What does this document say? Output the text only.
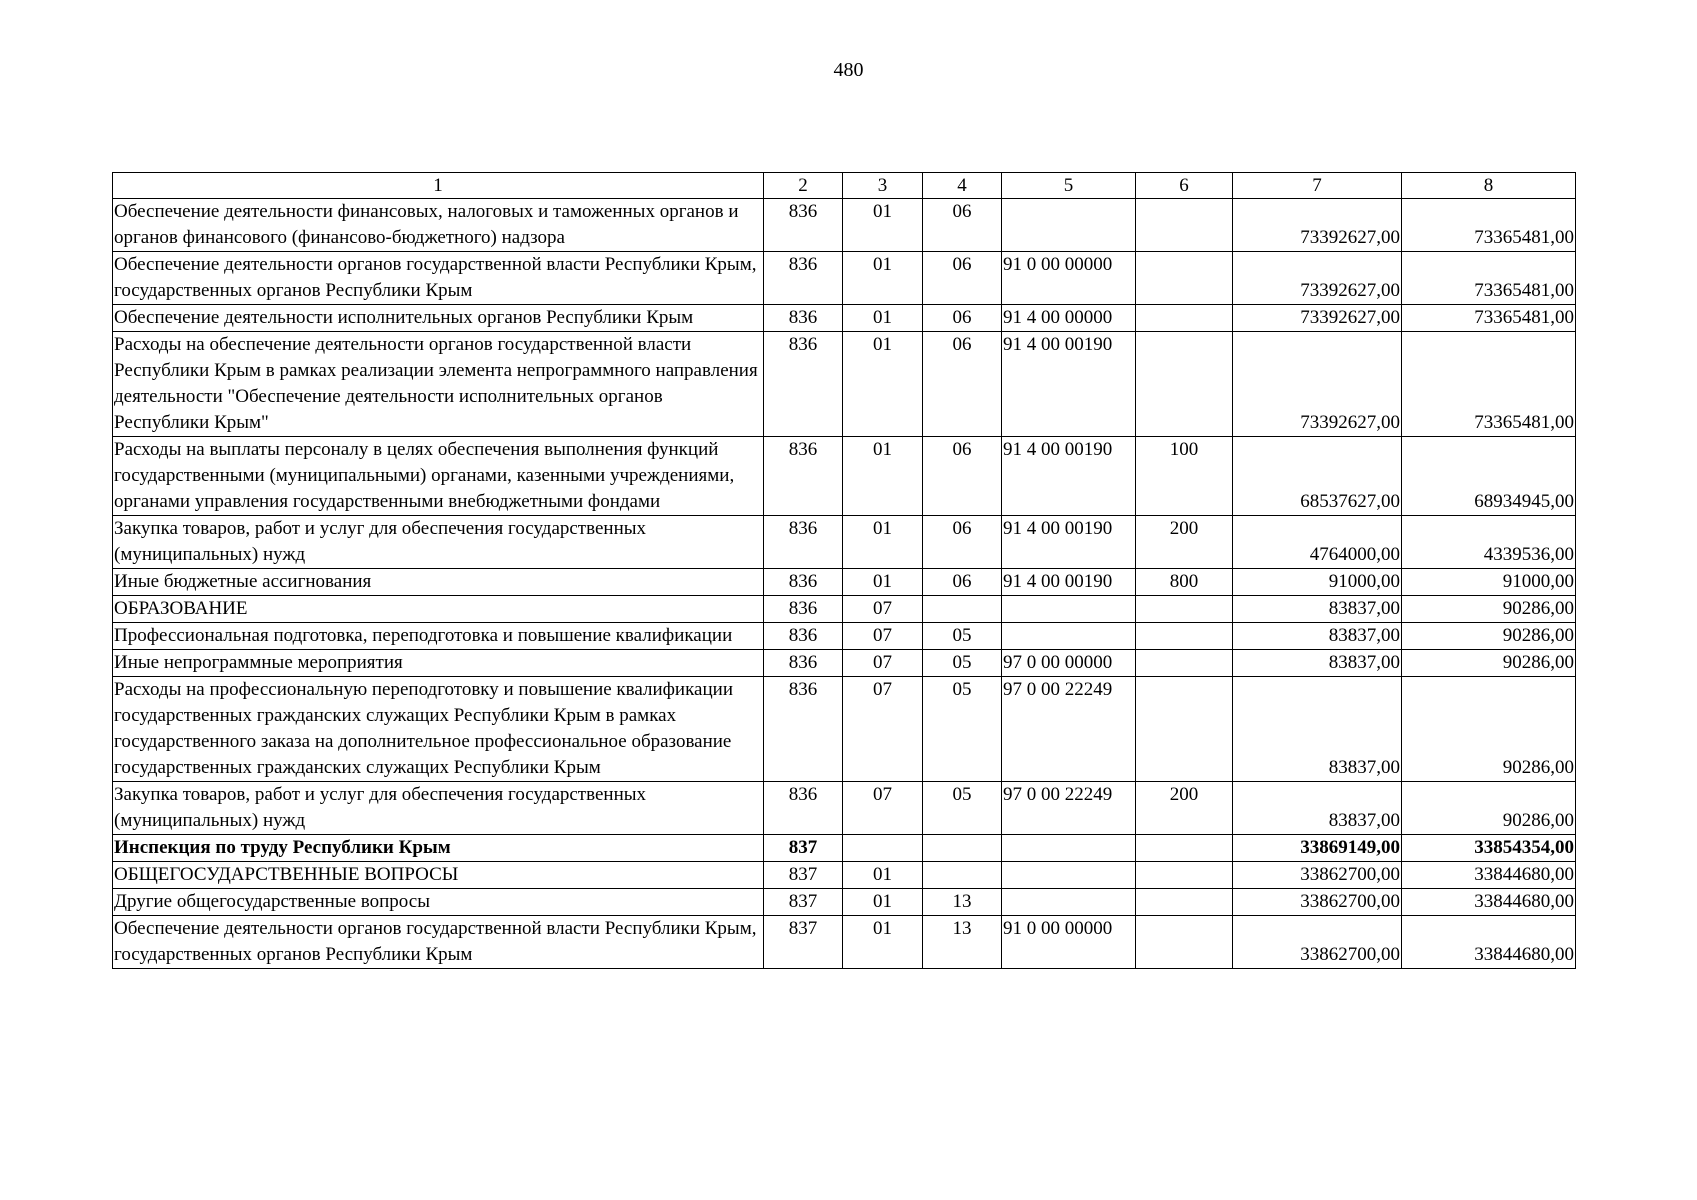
480
1	2	3	4	5	6	7	8
Обеспечение деятельности финансовых, налоговых и таможенных органов и органов финансового (финансово-бюджетного) надзора	836	01	06			73392627,00	73365481,00
Обеспечение деятельности органов государственной власти Республики Крым, государственных органов Республики Крым	836	01	06	91 0 00 00000		73392627,00	73365481,00
Обеспечение деятельности исполнительных органов Республики Крым	836	01	06	91 4 00 00000		73392627,00	73365481,00
Расходы на обеспечение деятельности органов государственной власти Республики Крым в рамках реализации элемента непрограммного направления деятельности "Обеспечение деятельности исполнительных органов Республики Крым"	836	01	06	91 4 00 00190		73392627,00	73365481,00
Расходы на выплаты персоналу в целях обеспечения выполнения функций государственными (муниципальными) органами, казенными учреждениями, органами управления государственными внебюджетными фондами	836	01	06	91 4 00 00190	100	68537627,00	68934945,00
Закупка товаров, работ и услуг для обеспечения государственных (муниципальных) нужд	836	01	06	91 4 00 00190	200	4764000,00	4339536,00
Иные бюджетные ассигнования	836	01	06	91 4 00 00190	800	91000,00	91000,00
ОБРАЗОВАНИЕ	836	07				83837,00	90286,00
Профессиональная подготовка, переподготовка и повышение квалификации	836	07	05			83837,00	90286,00
Иные непрограммные мероприятия	836	07	05	97 0 00 00000		83837,00	90286,00
Расходы на профессиональную переподготовку и повышение квалификации государственных гражданских служащих Республики Крым в рамках государственного заказа на дополнительное профессиональное образование государственных гражданских служащих Республики Крым	836	07	05	97 0 00 22249		83837,00	90286,00
Закупка товаров, работ и услуг для обеспечения государственных (муниципальных) нужд	836	07	05	97 0 00 22249	200	83837,00	90286,00
Инспекция по труду Республики Крым	837					33869149,00	33854354,00
ОБЩЕГОСУДАРСТВЕННЫЕ ВОПРОСЫ	837	01				33862700,00	33844680,00
Другие общегосударственные вопросы	837	01	13			33862700,00	33844680,00
Обеспечение деятельности органов государственной власти Республики Крым, государственных органов Республики Крым	837	01	13	91 0 00 00000		33862700,00	33844680,00
